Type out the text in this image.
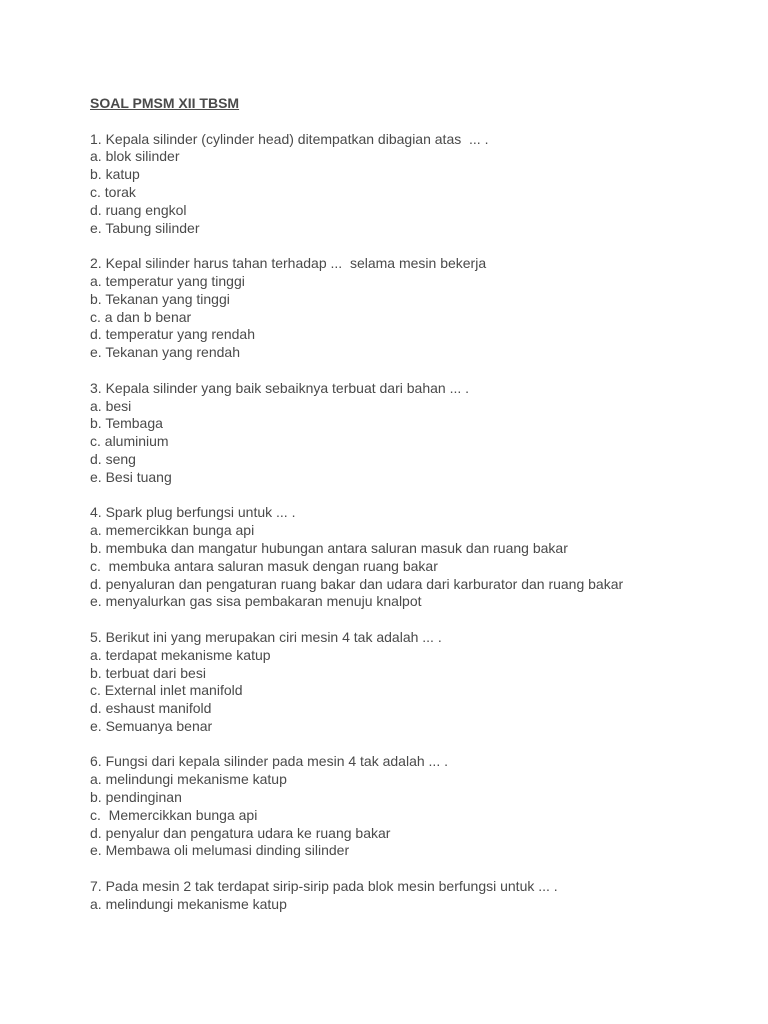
SOAL PMSM XII TBSM
1. Kepala silinder (cylinder head) ditempatkan dibagian atas  ... .
a. blok silinder
b. katup
c. torak
d. ruang engkol
e. Tabung silinder
2. Kepal silinder harus tahan terhadap ...  selama mesin bekerja
a. temperatur yang tinggi
b. Tekanan yang tinggi
c. a dan b benar
d. temperatur yang rendah
e. Tekanan yang rendah
3. Kepala silinder yang baik sebaiknya terbuat dari bahan ... .
a. besi
b. Tembaga
c. aluminium
d. seng
e. Besi tuang
4. Spark plug berfungsi untuk ... .
a. memercikkan bunga api
b. membuka dan mangatur hubungan antara saluran masuk dan ruang bakar
c.  membuka antara saluran masuk dengan ruang bakar
d. penyaluran dan pengaturan ruang bakar dan udara dari karburator dan ruang bakar
e. menyalurkan gas sisa pembakaran menuju knalpot
5. Berikut ini yang merupakan ciri mesin 4 tak adalah ... .
a. terdapat mekanisme katup
b. terbuat dari besi
c. External inlet manifold
d. eshaust manifold
e. Semuanya benar
6. Fungsi dari kepala silinder pada mesin 4 tak adalah ... .
a. melindungi mekanisme katup
b. pendinginan
c.  Memercikkan bunga api
d. penyalur dan pengatura udara ke ruang bakar
e. Membawa oli melumasi dinding silinder
7. Pada mesin 2 tak terdapat sirip-sirip pada blok mesin berfungsi untuk ... .
a. melindungi mekanisme katup
